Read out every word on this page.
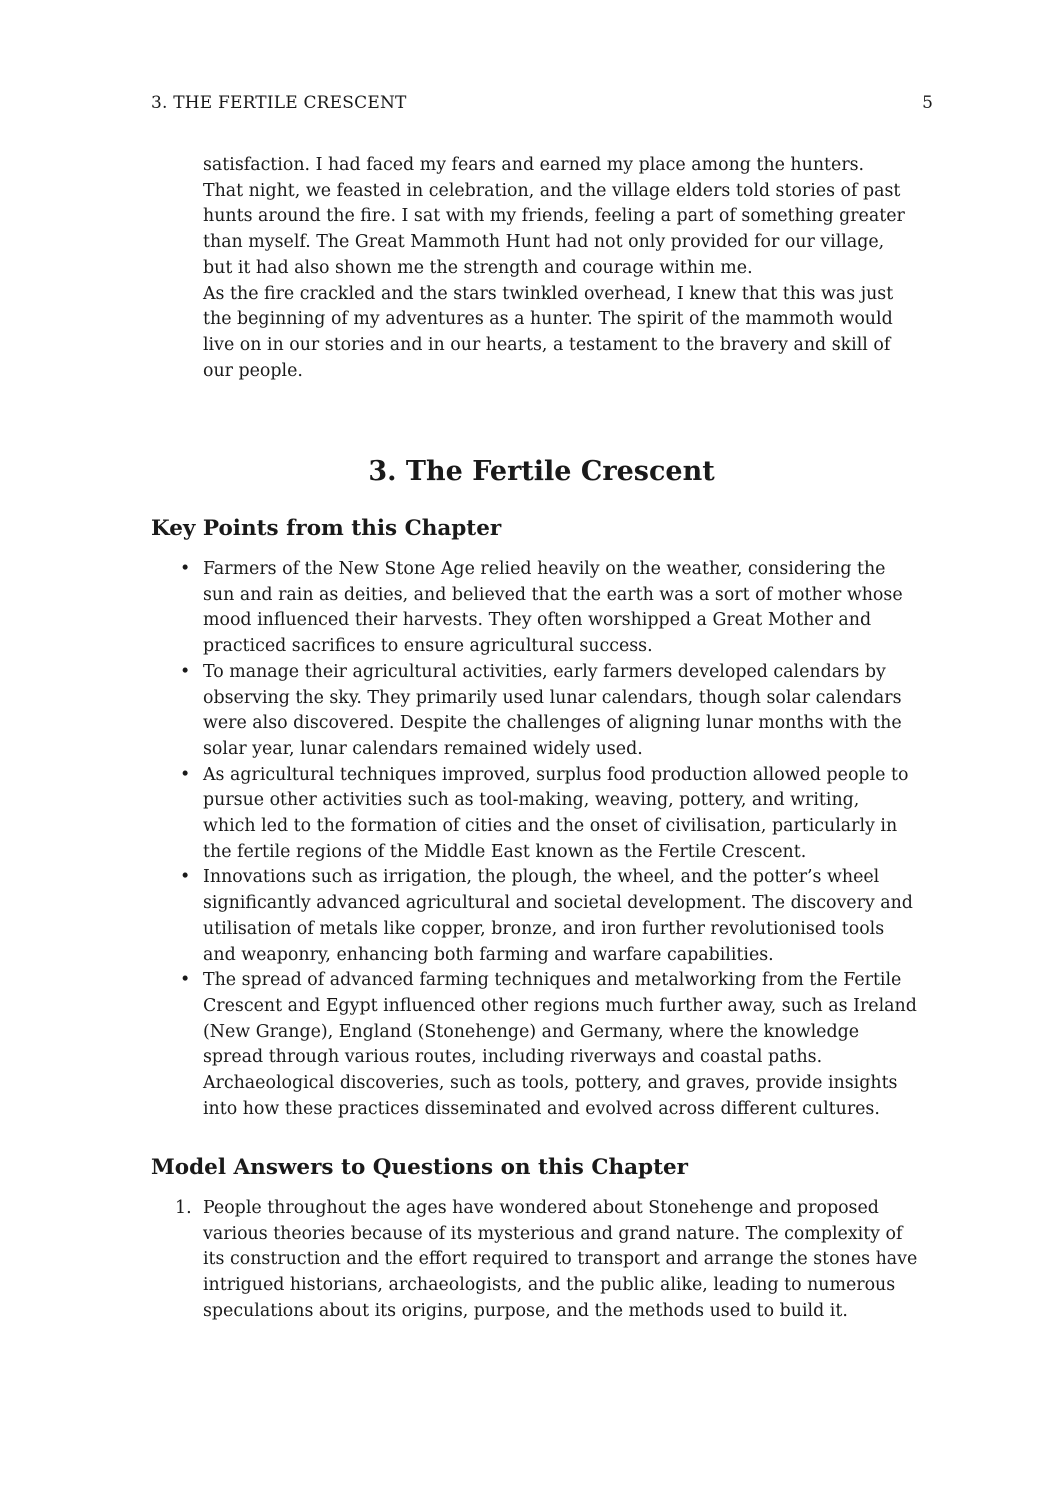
3. THE FERTILE CRESCENT	5

satisfaction. I had faced my fears and earned my place among the hunters.
That night, we feasted in celebration, and the village elders told stories of past
hunts around the fire. I sat with my friends, feeling a part of something greater
than myself. The Great Mammoth Hunt had not only provided for our village,
but it had also shown me the strength and courage within me.

As the fire crackled and the stars twinkled overhead, I knew that this was just
the beginning of my adventures as a hunter. The spirit of the mammoth would
live on in our stories and in our hearts, a testament to the bravery and skill of
our people.

3. The Fertile Crescent
Key Points from this Chapter
• Farmers of the New Stone Age relied heavily on the weather, considering the
sun and rain as deities, and believed that the earth was a sort of mother whose
mood influenced their harvests. They often worshipped a Great Mother and
practiced sacrifices to ensure agricultural success.
• To manage their agricultural activities, early farmers developed calendars by
observing the sky. They primarily used lunar calendars, though solar calendars
were also discovered. Despite the challenges of aligning lunar months with the
solar year, lunar calendars remained widely used.
• As agricultural techniques improved, surplus food production allowed people to
pursue other activities such as tool-making, weaving, pottery, and writing,
which led to the formation of cities and the onset of civilisation, particularly in
the fertile regions of the Middle East known as the Fertile Crescent.
• Innovations such as irrigation, the plough, the wheel, and the potter’s wheel
significantly advanced agricultural and societal development. The discovery and
utilisation of metals like copper, bronze, and iron further revolutionised tools
and weaponry, enhancing both farming and warfare capabilities.
• The spread of advanced farming techniques and metalworking from the Fertile
Crescent and Egypt influenced other regions much further away, such as Ireland
(New Grange), England (Stonehenge) and Germany, where the knowledge
spread through various routes, including riverways and coastal paths.
Archaeological discoveries, such as tools, pottery, and graves, provide insights
into how these practices disseminated and evolved across different cultures.
Model Answers to Questions on this Chapter
1. People throughout the ages have wondered about Stonehenge and proposed
various theories because of its mysterious and grand nature. The complexity of
its construction and the effort required to transport and arrange the stones have
intrigued historians, archaeologists, and the public alike, leading to numerous
speculations about its origins, purpose, and the methods used to build it.
